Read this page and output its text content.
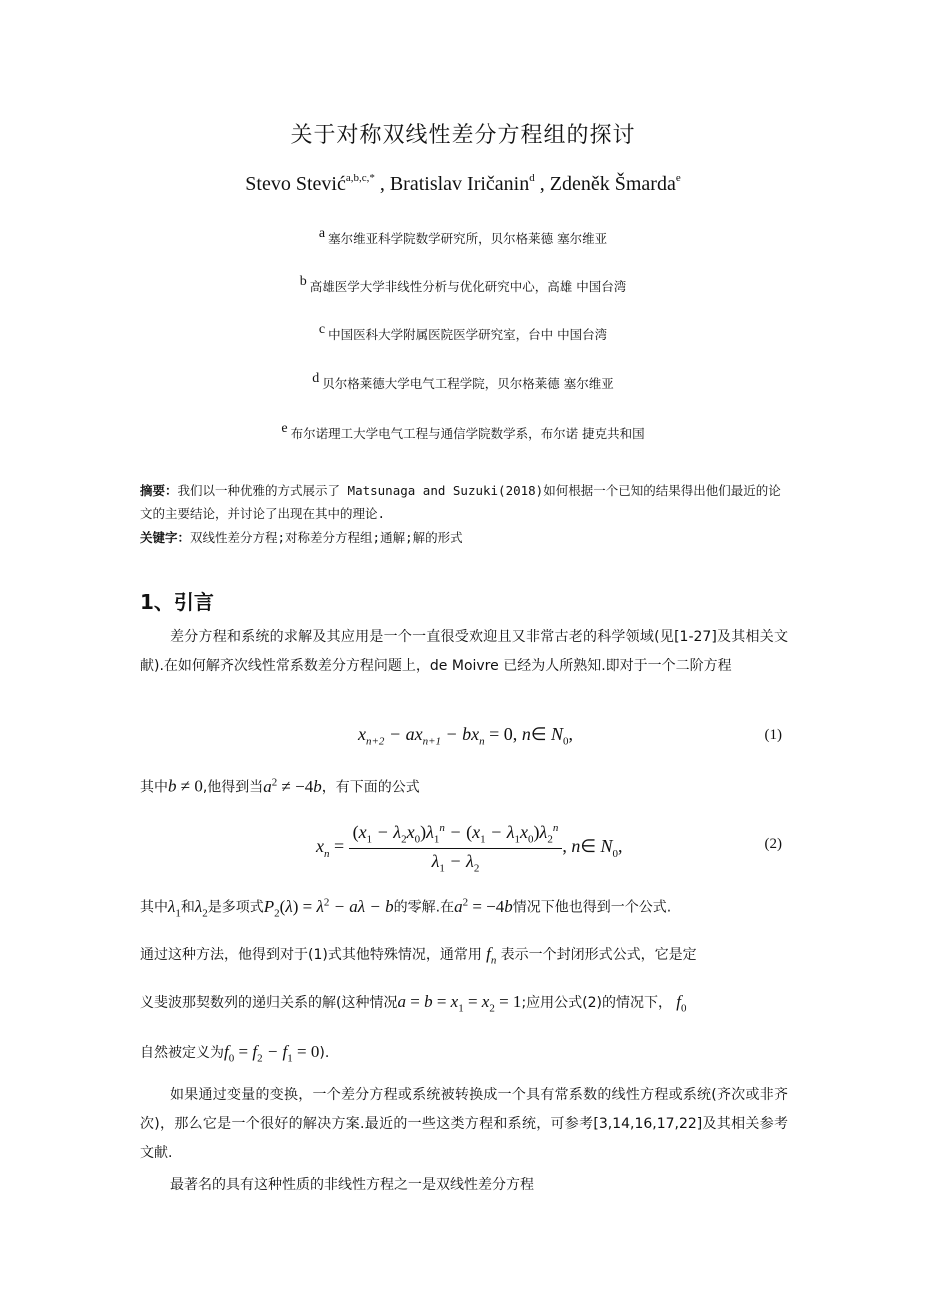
关于对称双线性差分方程组的探讨
Stevo Stević$^{a,b,c,*}$ , Bratislav Iričanin$^d$ , Zdeněk Šmarda$^e$
$^a$ 塞尔维亚科学院数学研究所，贝尔格莱德 塞尔维亚
$^b$ 高雄医学大学非线性分析与优化研究中心，高雄 中国台湾
$^c$ 中国医科大学附属医院医学研究室，台中 中国台湾
$^d$ 贝尔格莱德大学电气工程学院，贝尔格莱德 塞尔维亚
$^e$ 布尔诺理工大学电气工程与通信学院数学系，布尔诺 捷克共和国
摘要：我们以一种优雅的方式展示了 Matsunaga and Suzuki(2018)如何根据一个已知的结果得出他们最近的论文的主要结论，并讨论了出现在其中的理论.
关键字：双线性差分方程;对称差分方程组;通解;解的形式
1、引言
差分方程和系统的求解及其应用是一个一直很受欢迎且又非常古老的科学领域(见[1-27]及其相关文献).在如何解齐次线性常系数差分方程问题上，de Moivre 已经为人所熟知.即对于一个二阶方程
$x_{n+2} - ax_{n+1} - bx_n = 0$, n∈ $N_0$,	(1)
其中b ≠ 0,他得到当$a^2 \ne -4b$，有下面的公式
$x_n = \frac{(x_1 - \lambda_2x_0)\lambda_1^n - (x_1 - \lambda_1x_0)\lambda_2^n}{\lambda_1 - \lambda_2}$ , n∈ $N_0$,	(2)
其中$\lambda_1$和$\lambda_2$是多项式$P_2(\lambda) = \lambda^2 - a\lambda - b$的零解.在$a^2 = -4b$情况下他也得到一个公式.
通过这种方法，他得到对于(1)式其他特殊情况，通常用 $f_n$ 表示一个封闭形式公式，它是定
义斐波那契数列的递归关系的解(这种情况$a = b = x_1 = x_2 = 1$;应用公式(2)的情况下， $f_0$
自然被定义为$f_0 = f_2 - f_1 = 0$).
如果通过变量的变换，一个差分方程或系统被转换成一个具有常系数的线性方程或系统(齐次或非齐次)，那么它是一个很好的解决方案.最近的一些这类方程和系统，可参考[3,14,16,17,22]及其相关参考文献.
最著名的具有这种性质的非线性方程之一是双线性差分方程
